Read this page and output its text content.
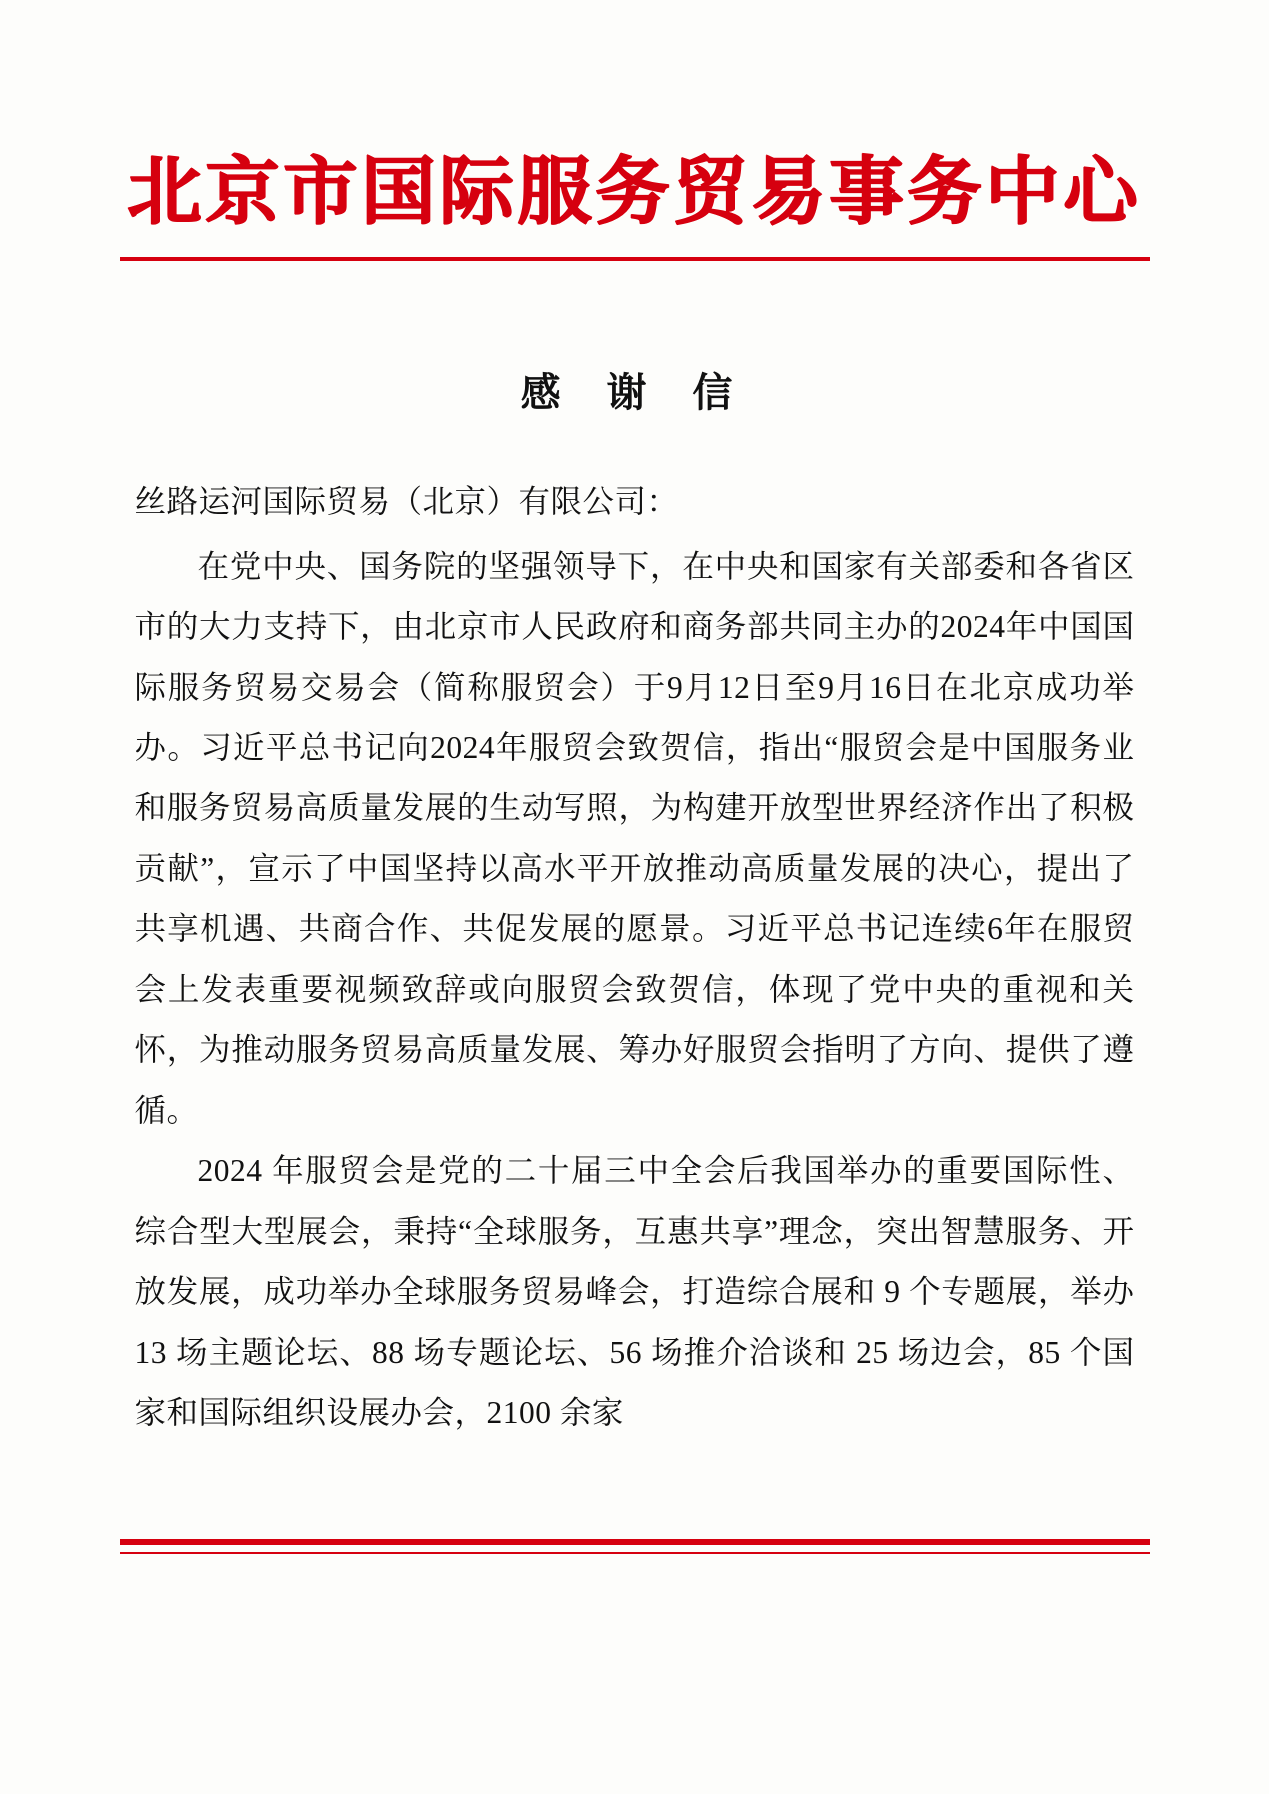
北京市国际服务贸易事务中心
感 谢 信

丝路运河国际贸易（北京）有限公司：

在党中央、国务院的坚强领导下，在中央和国家有关部委和各省区市的大力支持下，由北京市人民政府和商务部共同主办的2024年中国国际服务贸易交易会（简称服贸会）于9月12日至9月16日在北京成功举办。习近平总书记向2024年服贸会致贺信，指出“服贸会是中国服务业和服务贸易高质量发展的生动写照，为构建开放型世界经济作出了积极贡献”，宣示了中国坚持以高水平开放推动高质量发展的决心，提出了共享机遇、共商合作、共促发展的愿景。习近平总书记连续6年在服贸会上发表重要视频致辞或向服贸会致贺信，体现了党中央的重视和关怀，为推动服务贸易高质量发展、筹办好服贸会指明了方向、提供了遵循。

2024 年服贸会是党的二十届三中全会后我国举办的重要国际性、综合型大型展会，秉持“全球服务，互惠共享”理念，突出智慧服务、开放发展，成功举办全球服务贸易峰会，打造综合展和 9 个专题展，举办 13 场主题论坛、88 场专题论坛、56 场推介洽谈和 25 场边会，85 个国家和国际组织设展办会，2100 余家
